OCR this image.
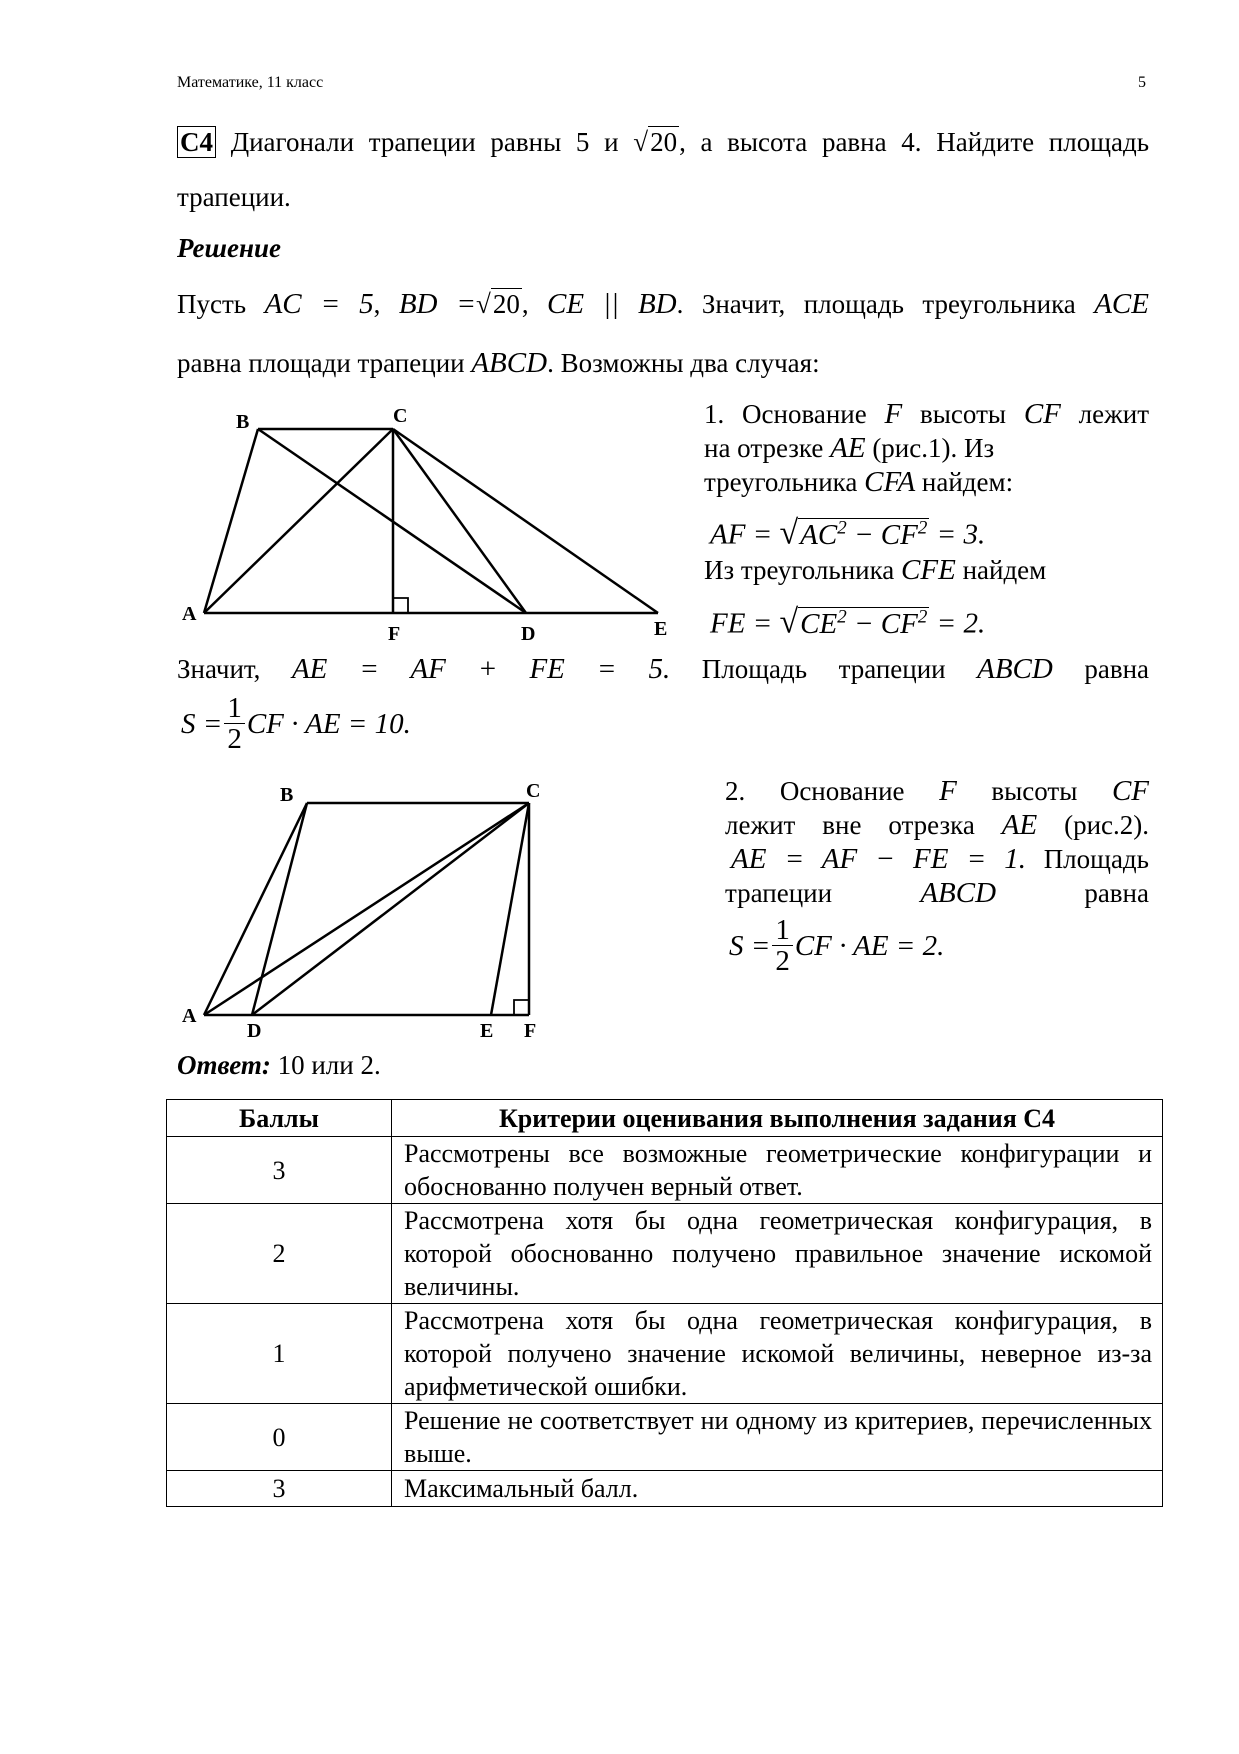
Математике, 11 класс	5
C4 Диагонали трапеции равны 5 и √20, а высота равна 4. Найдите площадь
трапеции.
Решение
Пусть AC = 5, BD =√20, CE || BD. Значит, площадь треугольника ACE
равна площади трапеции ABCD. Возможны два случая:
B	C
A
F	D	E
1. Основание F высоты CF лежит
на отрезке AE (рис.1). Из
треугольника CFA найдем:
AF = $√AC^2 - CF^2 = 3$.
Из треугольника CFE найдем
FE = $√CE^2 - CF^2 = 2$.
Значит, AE = AF + FE = 5. Площадь трапеции ABCD равна
$S = \frac{1}{2}$ CF · AE = 10.
B	C
A
D	E F
2. Основание F высоты CF
лежит вне отрезка AE (рис.2).
AE = AF − FE = 1. Площадь
трапеции	ABCD	равна
$S = \frac{1}{2}$ CF · AE = 2.
Ответ: 10 или 2.
Баллы	Критерии оценивания выполнения задания С4
3	Рассмотрены все возможные геометрические конфигурации и обоснованно получен верный ответ.
2	Рассмотрена хотя бы одна геометрическая конфигурация, в которой обоснованно получено правильное значение искомой величины.
1	Рассмотрена хотя бы одна геометрическая конфигурация, в которой получено значение искомой величины, неверное из-за арифметической ошибки.
0	Решение не соответствует ни одному из критериев, перечисленных выше.
3	Максимальный балл.
